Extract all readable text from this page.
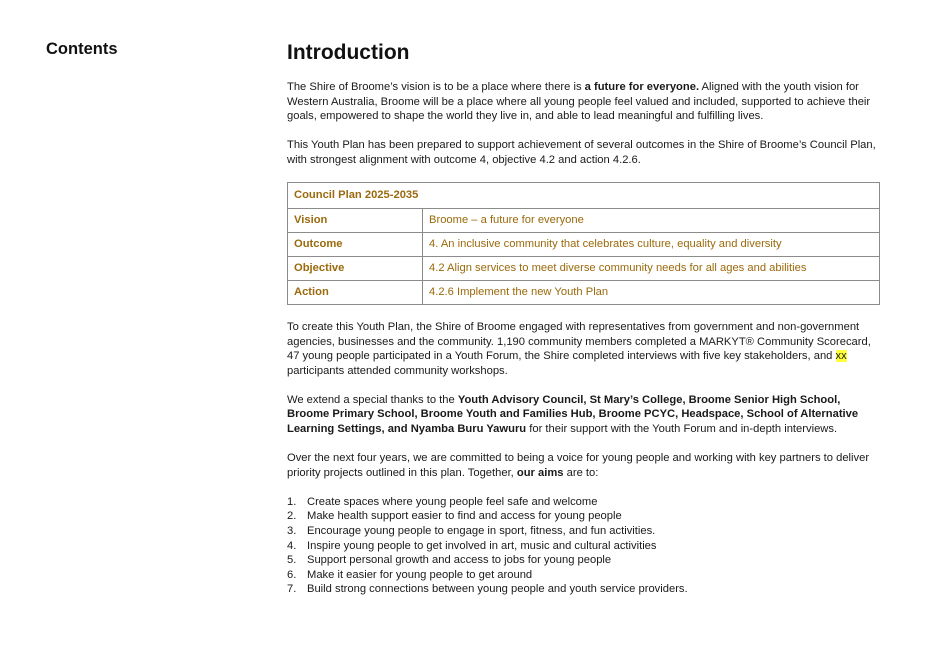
Contents	Introduction

The Shire of Broome’s vision is to be a place where there is a future for everyone. Aligned with the youth vision for Western Australia, Broome will be a place where all young people feel valued and included, supported to achieve their goals, empowered to shape the world they live in, and able to lead meaningful and fulfilling lives.

This Youth Plan has been prepared to support achievement of several outcomes in the Shire of Broome’s Council Plan, with strongest alignment with outcome 4, objective 4.2 and action 4.2.6.

Council Plan 2025-2035	
Vision	Broome – a future for everyone
Outcome	4. An inclusive community that celebrates culture, equality and diversity
Objective	4.2 Align services to meet diverse community needs for all ages and abilities
Action	4.2.6 Implement the new Youth Plan

To create this Youth Plan, the Shire of Broome engaged with representatives from government and non-government agencies, businesses and the community. 1,190 community members completed a MARKYT® Community Scorecard, 47 young people participated in a Youth Forum, the Shire completed interviews with five key stakeholders, and xx participants attended community workshops.

We extend a special thanks to the Youth Advisory Council, St Mary’s College, Broome Senior High School, Broome Primary School, Broome Youth and Families Hub, Broome PCYC, Headspace, School of Alternative Learning Settings, and Nyamba Buru Yawuru for their support with the Youth Forum and in-depth interviews.

Over the next four years, we are committed to being a voice for young people and working with key partners to deliver priority projects outlined in this plan. Together, our aims are to:

1. Create spaces where young people feel safe and welcome
2. Make health support easier to find and access for young people
3. Encourage young people to engage in sport, fitness, and fun activities.
4. Inspire young people to get involved in art, music and cultural activities
5. Support personal growth and access to jobs for young people
6. Make it easier for young people to get around
7. Build strong connections between young people and youth service providers.
